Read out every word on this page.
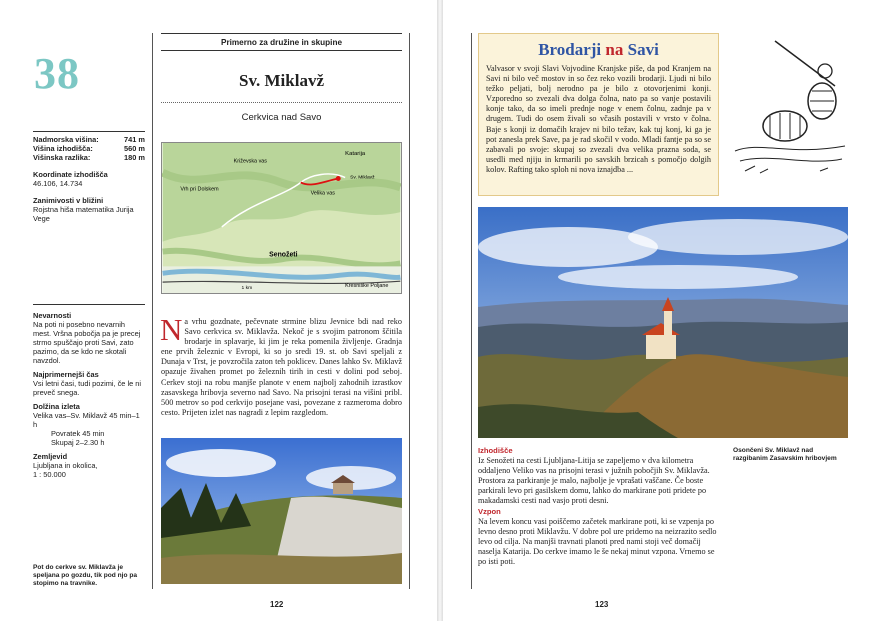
38
Nadmorska višina:	741 m
Višina izhodišča:	560 m
Višinska razlika:	180 m
Koordinate izhodišča
46.106, 14.734
Zanimivosti v bližini
Rojstna hiša matematika Jurija Vege
Nevarnosti
Na poti ni posebno nevarnih mest. Vršna pobočja pa je precej strmo spuščajo proti Savi, zato pazimo, da se kdo ne skotali navzdol.
Najprimernejši čas
Vsi letni časi, tudi pozimi, če le ni preveč snega.
Dolžina izleta
Velika vas–Sv. Miklavž 45 min–1 h
Povratek 45 min
Skupaj 2–2.30 h
Zemljevid
Ljubljana in okolica,
1 : 50.000
Pot do cerkve sv. Miklavža je speljana po gozdu, tik pod njo pa stopimo na travnike.
Primerno za družine in skupine
Sv. Miklavž
Cerkvica nad Savo
Katarija
Križevska vas
Sv. Miklavž
Vrh pri Dolskem
Velika vas
Senožeti
Kresniške Poljane
1 km
Na vrhu gozdnate, pečevnate strmine blizu Jevnice bdi nad reko Savo cerkvica sv. Miklavža. Nekoč je s svojim patronom ščitila brodarje in splavarje, ki jim je reka pomenila življenje. Gradnja ene prvih železnic v Evropi, ki so jo sredi 19. st. ob Savi speljali z Dunaja v Trst, je povzročila zaton teh poklicev. Danes lahko Sv. Miklavž opazuje živahen promet po železnih tirih in cesti v dolini pod seboj. Cerkev stoji na robu manjše planote v enem najbolj zahodnih izrastkov zasavskega hribovja severno nad Savo. Na prisojni terasi na višini pribl. 500 metrov so pod cerkvijo posejane vasi, povezane z razmeroma dobro cesto. Prijeten izlet nas nagradi z lepim razgledom.
122
Brodarji na Savi

Valvasor v svoji Slavi Vojvodine Kranjske piše, da pod Kranjem na Savi ni bilo več mostov in so čez reko vozili brodarji. Ljudi ni bilo težko peljati, bolj nerodno pa je bilo z otovorjenimi konji. Vzporedno so zvezali dva dolga čolna, nato pa so vanje postavili konje tako, da so imeli prednje noge v enem čolnu, zadnje pa v drugem. Tudi do osem živali so včasih postavili v vrsto v čolna. Baje s konji iz domačih krajev ni bilo težav, kak tuj konj, ki ga je pot zanesla prek Save, pa je rad skočil v vodo. Mladi fantje pa so se zabavali po svoje: skupaj so zvezali dva velika prazna soda, se usedli med njiju in krmarili po savskih brzicah s pomočjo dolgih kolov. Rafting tako sploh ni nova iznajdba ...

Izhodišče
Iz Senožeti na cesti Ljubljana-Litija se zapeljemo v dva kilometra oddaljeno Veliko vas na prisojni terasi v južnih pobočjih Sv. Miklavža. Prostora za parkiranje je malo, najbolje je vprašati vaščane. Če boste parkirali levo pri gasilskem domu, lahko do markirane poti pridete po makadamski cesti nad vasjo proti desni.
Vzpon
Na levem koncu vasi poiščemo začetek markirane poti, ki se vzpenja po levno desno proti Miklavžu. V dobre pol ure pridemo na neizrazito sedlo levo od cilja. Na manjši travnati planoti pred nami stoji več domačij naselja Katarija. Do cerkve imamo le še nekaj minut vzpona. Vrnemo se po isti poti.
Osončeni Sv. Miklavž nad razgibanim Zasavskim hribovjem
123
